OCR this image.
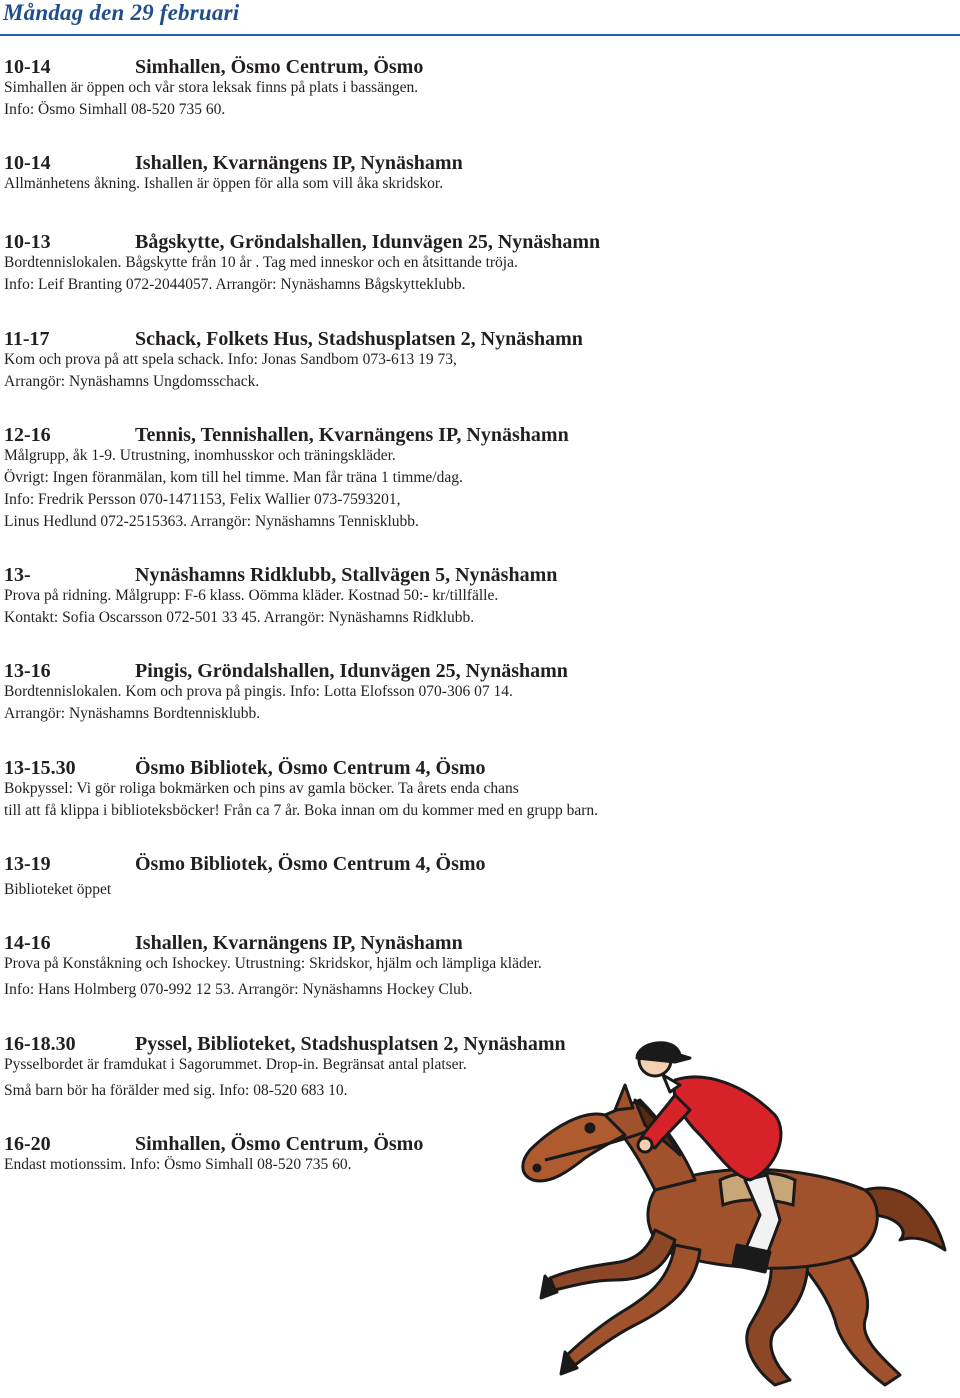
Måndag den 29 februari
10-14	Simhallen, Ösmo Centrum, Ösmo
Simhallen är öppen och vår stora leksak finns på plats i bassängen.
Info: Ösmo Simhall 08-520 735 60.
10-14	Ishallen, Kvarnängens IP, Nynäshamn
Allmänhetens åkning. Ishallen är öppen för alla som vill åka skridskor.
10-13	Bågskytte, Gröndalshallen, Idunvägen 25, Nynäshamn
Bordtennislokalen. Bågskytte från 10 år . Tag med inneskor och en åtsittande tröja.
Info: Leif Branting 072-2044057. Arrangör: Nynäshamns Bågskytteklubb.
11-17	Schack, Folkets Hus, Stadshusplatsen 2, Nynäshamn
Kom och prova på att spela schack. Info: Jonas Sandbom 073-613 19 73,
Arrangör: Nynäshamns Ungdomsschack.
12-16	Tennis, Tennishallen, Kvarnängens IP, Nynäshamn
Målgrupp, åk 1-9. Utrustning, inomhusskor och träningskläder.
Övrigt: Ingen föranmälan, kom till hel timme. Man får träna 1 timme/dag.
Info: Fredrik Persson 070-1471153, Felix Wallier 073-7593201,
Linus Hedlund 072-2515363. Arrangör: Nynäshamns Tennisklubb.
13-	Nynäshamns Ridklubb, Stallvägen 5, Nynäshamn
Prova på ridning. Målgrupp: F-6 klass. Oömma kläder. Kostnad 50:- kr/tillfälle.
Kontakt: Sofia Oscarsson 072-501 33 45. Arrangör: Nynäshamns Ridklubb.
13-16	Pingis, Gröndalshallen, Idunvägen 25, Nynäshamn
Bordtennislokalen. Kom och prova på pingis. Info: Lotta Elofsson 070-306 07 14.
Arrangör: Nynäshamns Bordtennisklubb.
13-15.30	Ösmo Bibliotek, Ösmo Centrum 4, Ösmo
Bokpyssel: Vi gör roliga bokmärken och pins av gamla böcker. Ta årets enda chans
till att få klippa i biblioteksböcker! Från ca 7 år. Boka innan om du kommer med en grupp barn.
13-19	Ösmo Bibliotek, Ösmo Centrum 4, Ösmo
Biblioteket öppet
14-16	Ishallen, Kvarnängens IP, Nynäshamn
Prova på Konståkning och Ishockey. Utrustning: Skridskor, hjälm och lämpliga kläder.
Info: Hans Holmberg 070-992 12 53. Arrangör: Nynäshamns Hockey Club.
16-18.30	Pyssel, Biblioteket, Stadshusplatsen 2, Nynäshamn
Pysselbordet är framdukat i Sagorummet. Drop-in. Begränsat antal platser.
Små barn bör ha förälder med sig. Info: 08-520 683 10.
16-20	Simhallen, Ösmo Centrum, Ösmo
Endast motionssim. Info: Ösmo Simhall 08-520 735 60.
